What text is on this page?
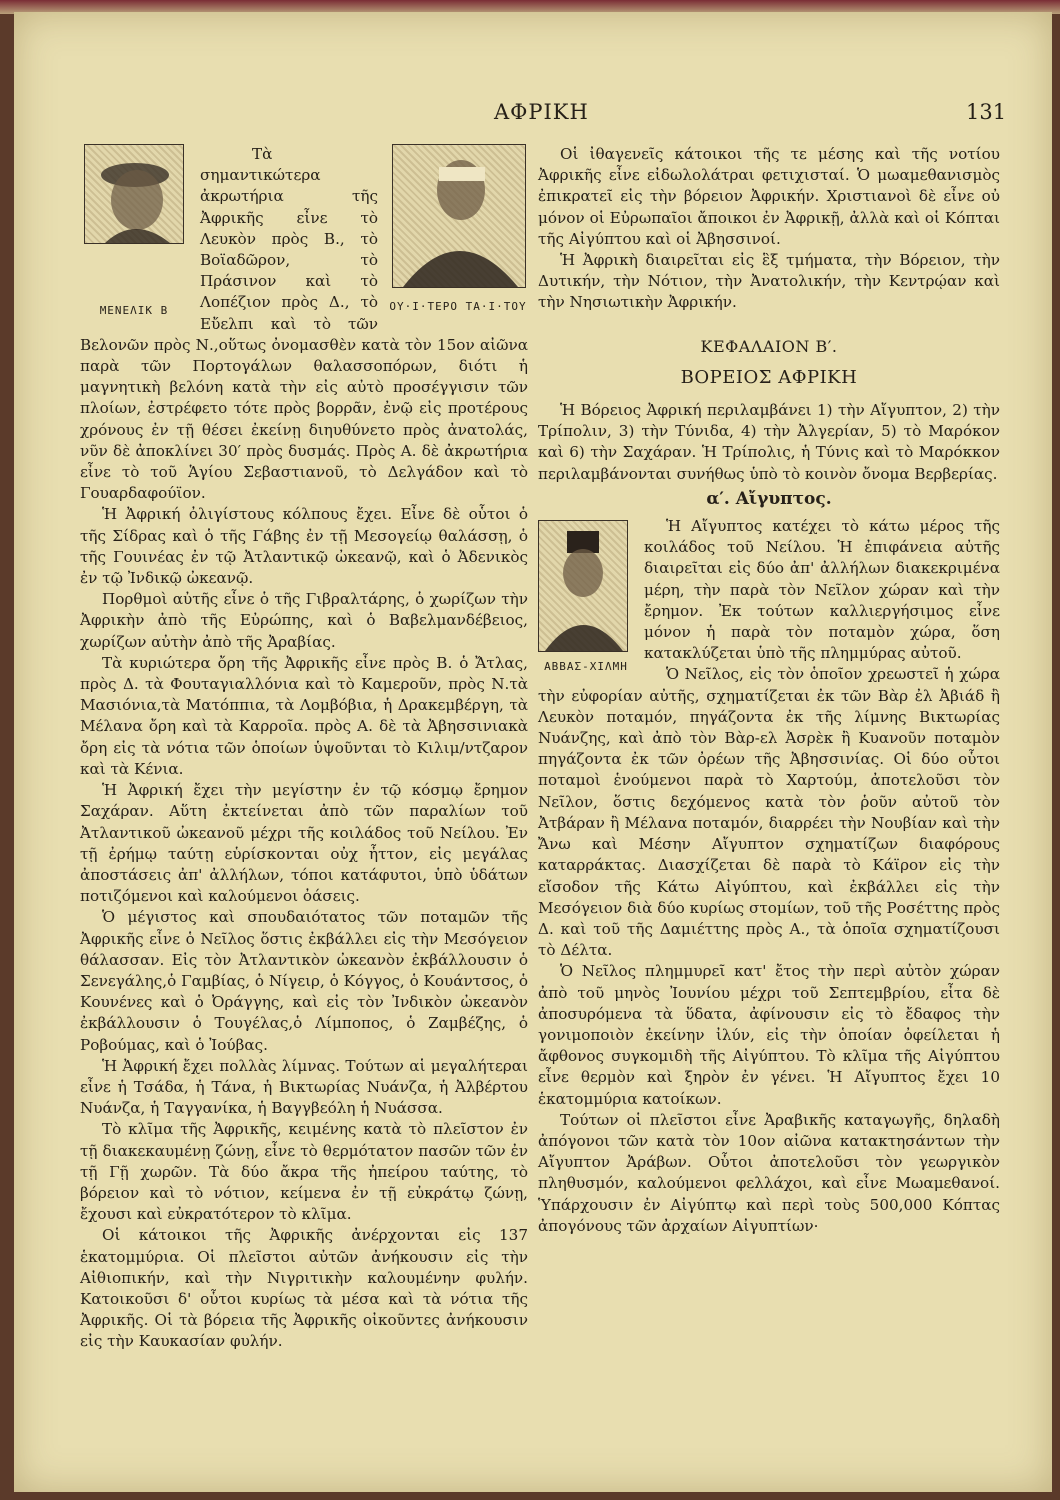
ΑΦΡΙΚΗ	131
ΜΕΝΕΛΙΚ Β	ΟΥ·Ι·ΤΕΡΟ ΤΑ·Ι·ΤΟΥ

Τὰ σημαντικώτερα ἀκρωτήρια τῆς Ἀφρικῆς εἶνε τὸ Λευκὸν πρὸς Β., τὸ Βοϊαδῶρον, τὸ Πράσινον καὶ τὸ Λοπέζιον πρὸς Δ., τὸ Εὔελπι καὶ τὸ τῶν Βελονῶν πρὸς Ν.,οὕτως ὀνομασθὲν κατὰ τὸν 15ον αἰῶνα παρὰ τῶν Πορτογάλων θαλασσοπόρων, διότι ἡ μαγνητικὴ βελόνη κατὰ τὴν εἰς αὐτὸ προσέγγισιν τῶν πλοίων, ἐστρέφετο τότε πρὸς βορρᾶν, ἐνῷ εἰς προτέρους χρόνους ἐν τῇ θέσει ἐκείνῃ διηυθύνετο πρὸς ἀνατολάς, νῦν δὲ ἀποκλίνει 30′ πρὸς δυσμάς. Πρὸς Α. δὲ ἀκρωτήρια εἶνε τὸ τοῦ Ἁγίου Σεβαστιανοῦ, τὸ Δελγάδον καὶ τὸ Γουαρδαφούϊον.

Ἡ Ἀφρική ὀλιγίστους κόλπους ἔχει. Εἶνε δὲ οὗτοι ὁ τῆς Σίδρας καὶ ὁ τῆς Γάβης ἐν τῇ Μεσογείῳ θαλάσσῃ, ὁ τῆς Γουινέας ἐν τῷ Ἀτλαντικῷ ὠκεανῷ, καὶ ὁ Ἀδενικὸς ἐν τῷ Ἰνδικῷ ὠκεανῷ.

Πορθμοὶ αὐτῆς εἶνε ὁ τῆς Γιβραλτάρης, ὁ χωρίζων τὴν Ἀφρικὴν ἀπὸ τῆς Εὐρώπης, καὶ ὁ Βαβελμανδέβειος, χωρίζων αὐτὴν ἀπὸ τῆς Ἀραβίας.

Τὰ κυριώτερα ὄρη τῆς Ἀφρικῆς εἶνε πρὸς Β. ὁ Ἄτλας, πρὸς Δ. τὰ Φουταγιαλλόνια καὶ τὸ Καμεροῦν, πρὸς Ν.τὰ Μασιόνια,τὰ Ματόππια, τὰ Λομβόβια, ἡ Δρακεμβέργη, τὰ Μέλανα ὄρη καὶ τὰ Καρροῖα. πρὸς Α. δὲ τὰ Ἀβησσινιακὰ ὄρη εἰς τὰ νότια τῶν ὁποίων ὑψοῦνται τὸ Κιλιμ/ντζαρον καὶ τὰ Κένια.

Ἡ Ἀφρική ἔχει τὴν μεγίστην ἐν τῷ κόσμῳ ἔρημον Σαχάραν. Αὕτη ἐκτείνεται ἀπὸ τῶν παραλίων τοῦ Ἀτλαντικοῦ ὠκεανοῦ μέχρι τῆς κοιλάδος τοῦ Νείλου. Ἐν τῇ ἐρήμῳ ταύτῃ εὑρίσκονται οὐχ ἧττον, εἰς μεγάλας ἀποστάσεις ἀπ' ἀλλήλων, τόποι κατάφυτοι, ὑπὸ ὑδάτων ποτιζόμενοι καὶ καλούμενοι ὀάσεις.

Ὁ μέγιστος καὶ σπουδαιότατος τῶν ποταμῶν τῆς Ἀφρικῆς εἶνε ὁ Νεῖλος ὅστις ἐκβάλλει εἰς τὴν Μεσόγειον θάλασσαν. Εἰς τὸν Ἀτλαντικὸν ὠκεανὸν ἐκβάλλουσιν ὁ Σενεγάλης,ὁ Γαμβίας, ὁ Νίγειρ, ὁ Κόγγος, ὁ Κουάντσος, ὁ Κουνένες καὶ ὁ Ὀράγγης, καὶ εἰς τὸν Ἰνδικὸν ὠκεανὸν ἐκβάλλουσιν ὁ Τουγέλας,ὁ Λίμποπος, ὁ Ζαμβέζης, ὁ Ροβούμας, καὶ ὁ Ἰούβας.

Ἡ Ἀφρική ἔχει πολλὰς λίμνας. Τούτων αἱ μεγαλήτεραι εἶνε ἡ Τσάδα, ἡ Τάνα, ἡ Βικτωρίας Νυάνζα, ἡ Ἀλβέρτου Νυάνζα, ἡ Ταγγανίκα, ἡ Βαγγβεόλη ἡ Νυάσσα.

Τὸ κλῖμα τῆς Ἀφρικῆς, κειμένης κατὰ τὸ πλεῖστον ἐν τῇ διακεκαυμένῃ ζώνῃ, εἶνε τὸ θερμότατον πασῶν τῶν ἐν τῇ Γῇ χωρῶν. Τὰ δύο ἄκρα τῆς ἠπείρου ταύτης, τὸ βόρειον καὶ τὸ νότιον, κείμενα ἐν τῇ εὐκράτῳ ζώνῃ, ἔχουσι καὶ εὐκρατότερον τὸ κλῖμα.

Οἱ κάτοικοι τῆς Ἀφρικῆς ἀνέρχονται εἰς 137 ἑκατομμύρια. Οἱ πλεῖστοι αὐτῶν ἀνήκουσιν εἰς τὴν Αἰθιοπικήν, καὶ τὴν Νιγριτικὴν καλουμένην φυλήν. Κατοικοῦσι δ' οὗτοι κυρίως τὰ μέσα καὶ τὰ νότια τῆς Ἀφρικῆς. Οἱ τὰ βόρεια τῆς Ἀφρικῆς οἰκοῦντες ἀνήκουσιν εἰς τὴν Καυκασίαν φυλήν.

Οἱ ἰθαγενεῖς κάτοικοι τῆς τε μέσης καὶ τῆς νοτίου Ἀφρικῆς εἶνε εἰδωλολάτραι φετιχισταί. Ὁ μωαμεθανισμὸς ἐπικρατεῖ εἰς τὴν βόρειον Ἀφρικήν. Χριστιανοὶ δὲ εἶνε οὐ μόνον οἱ Εὐρωπαῖοι ἄποικοι ἐν Ἀφρικῇ, ἀλλὰ καὶ οἱ Κόπται τῆς Αἰγύπτου καὶ οἱ Ἀβησσινοί.

Ἡ Ἀφρικὴ διαιρεῖται εἰς ἓξ τμήματα, τὴν Βόρειον, τὴν Δυτικήν, τὴν Νότιον, τὴν Ἀνατολικήν, τὴν Κεντρῴαν καὶ τὴν Νησιωτικὴν Ἀφρικήν.

ΚΕΦΑΛΑΙΟΝ Β′.
ΒΟΡΕΙΟΣ ΑΦΡΙΚΗ

Ἡ Βόρειος Ἀφρική περιλαμβάνει 1) τὴν Αἴγυπτον, 2) τὴν Τρίπολιν, 3) τὴν Τύνιδα, 4) τὴν Ἀλγερίαν, 5) τὸ Μαρόκον καὶ 6) τὴν Σαχάραν. Ἡ Τρίπολις, ἡ Τύνις καὶ τὸ Μαρόκκον περιλαμβάνονται συνήθως ὑπὸ τὸ κοινὸν ὄνομα Βερβερίας.

α′. Αἴγυπτος.
ΑΒΒΑΣ-ΧΙΛΜΗ

Ἡ Αἴγυπτος κατέχει τὸ κάτω μέρος τῆς κοιλάδος τοῦ Νείλου. Ἡ ἐπιφάνεια αὐτῆς διαιρεῖται εἰς δύο ἀπ' ἀλλήλων διακεκριμένα μέρη, τὴν παρὰ τὸν Νεῖλον χώραν καὶ τὴν ἔρημον. Ἐκ τούτων καλλιεργήσιμος εἶνε μόνον ἡ παρὰ τὸν ποταμὸν χώρα, ὅση κατακλύζεται ὑπὸ τῆς πλημμύρας αὐτοῦ.

Ὁ Νεῖλος, εἰς τὸν ὁποῖον χρεωστεῖ ἡ χώρα τὴν εὐφορίαν αὐτῆς, σχηματίζεται ἐκ τῶν Βὰρ ἐλ Ἀβιάδ ἢ Λευκὸν ποταμόν, πηγάζοντα ἐκ τῆς λίμνης Βικτωρίας Νυάνζης, καὶ ἀπὸ τὸν Βὰρ-ελ Ἀσρὲκ ἢ Κυανοῦν ποταμὸν πηγάζοντα ἐκ τῶν ὀρέων τῆς Ἀβησσινίας. Οἱ δύο οὗτοι ποταμοὶ ἑνούμενοι παρὰ τὸ Χαρτούμ, ἀποτελοῦσι τὸν Νεῖλον, ὅστις δεχόμενος κατὰ τὸν ῥοῦν αὐτοῦ τὸν Ἀτβάραν ἢ Μέλανα ποταμόν, διαρρέει τὴν Νουβίαν καὶ τὴν Ἄνω καὶ Μέσην Αἴγυπτον σχηματίζων διαφόρους καταρράκτας. Διασχίζεται δὲ παρὰ τὸ Κάϊρον εἰς τὴν εἴσοδον τῆς Κάτω Αἰγύπτου, καὶ ἐκβάλλει εἰς τὴν Μεσόγειον διὰ δύο κυρίως στομίων, τοῦ τῆς Ροσέττης πρὸς Δ. καὶ τοῦ τῆς Δαμιέττης πρὸς Α., τὰ ὁποῖα σχηματίζουσι τὸ Δέλτα.

Ὁ Νεῖλος πλημμυρεῖ κατ' ἔτος τὴν περὶ αὐτὸν χώραν ἀπὸ τοῦ μηνὸς Ἰουνίου μέχρι τοῦ Σεπτεμβρίου, εἶτα δὲ ἀποσυρόμενα τὰ ὕδατα, ἀφίνουσιν εἰς τὸ ἔδαφος τὴν γονιμοποιὸν ἐκείνην ἰλύν, εἰς τὴν ὁποίαν ὀφείλεται ἡ ἄφθονος συγκομιδὴ τῆς Αἰγύπτου. Τὸ κλῖμα τῆς Αἰγύπτου εἶνε θερμὸν καὶ ξηρὸν ἐν γένει. Ἡ Αἴγυπτος ἔχει 10 ἑκατομμύρια κατοίκων.

Τούτων οἱ πλεῖστοι εἶνε Ἀραβικῆς καταγωγῆς, δηλαδὴ ἀπόγονοι τῶν κατὰ τὸν 10ον αἰῶνα κατακτησάντων τὴν Αἴγυπτον Ἀράβων. Οὗτοι ἀποτελοῦσι τὸν γεωργικὸν πληθυσμόν, καλούμενοι φελλάχοι, καὶ εἶνε Μωαμεθανοί. Ὑπάρχουσιν ἐν Αἰγύπτῳ καὶ περὶ τοὺς 500,000 Κόπτας ἀπογόνους τῶν ἀρχαίων Αἰγυπτίων·
